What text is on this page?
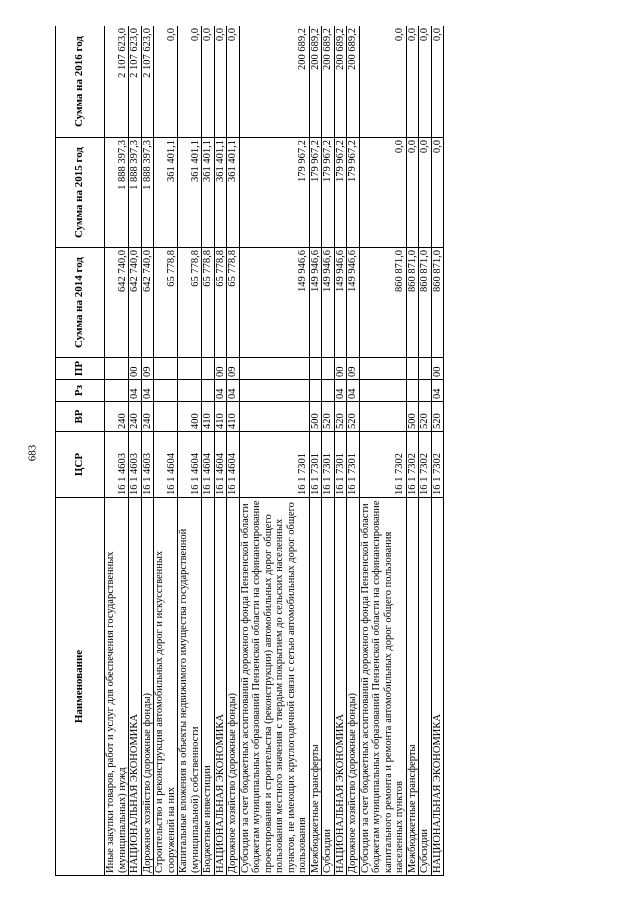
683
Наименование	ЦСР	ВР	Рз	ПР	Сумма на 2014 год	Сумма на 2015 год	Сумма на 2016 год
Иные закупки товаров, работ и услуг для обеспечения государственных (муниципальных) нужд	16 1 4603	240			642 740,0	1 888 397,3	2 107 623,0
НАЦИОНАЛЬНАЯ ЭКОНОМИКА	16 1 4603	240	04	00	642 740,0	1 888 397,3	2 107 623,0
Дорожное хозяйство (дорожные фонды)	16 1 4603	240	04	09	642 740,0	1 888 397,3	2 107 623,0
Строительство и реконструкция автомобильных дорог и искусственных сооружений на них	16 1 4604				65 778,8	361 401,1	0,0
Капитальные вложения в объекты недвижимого имущества государственной (муниципальной) собственности	16 1 4604	400			65 778,8	361 401,1	0,0
Бюджетные инвестиции	16 1 4604	410			65 778,8	361 401,1	0,0
НАЦИОНАЛЬНАЯ ЭКОНОМИКА	16 1 4604	410	04	00	65 778,8	361 401,1	0,0
Дорожное хозяйство (дорожные фонды)	16 1 4604	410	04	09	65 778,8	361 401,1	0,0
Субсидии за счет бюджетных ассигнований дорожного фонда Пензенской области бюджетам муниципальных образований Пензенской области на софинансирование проектирования и строительства (реконструкции) автомобильных дорог общего пользования местного значения с твердым покрытием до сельских населенных пунктов, не имеющих круглогодичной связи с сетью автомобильных дорог общего пользования	16 1 7301				149 946,6	179 967,2	200 689,2
Межбюджетные трансферты	16 1 7301	500			149 946,6	179 967,2	200 689,2
Субсидии	16 1 7301	520			149 946,6	179 967,2	200 689,2
НАЦИОНАЛЬНАЯ ЭКОНОМИКА	16 1 7301	520	04	00	149 946,6	179 967,2	200 689,2
Дорожное хозяйство (дорожные фонды)	16 1 7301	520	04	09	149 946,6	179 967,2	200 689,2
Субсидии за счет бюджетных ассигнований дорожного фонда Пензенской области бюджетам муниципальных образований Пензенской области на софинансирование капитального ремонта и ремонта автомобильных дорог общего пользования населенных пунктов	16 1 7302				860 871,0	0,0	0,0
Межбюджетные трансферты	16 1 7302	500			860 871,0	0,0	0,0
Субсидии	16 1 7302	520			860 871,0	0,0	0,0
НАЦИОНАЛЬНАЯ ЭКОНОМИКА	16 1 7302	520	04	00	860 871,0	0,0	0,0
